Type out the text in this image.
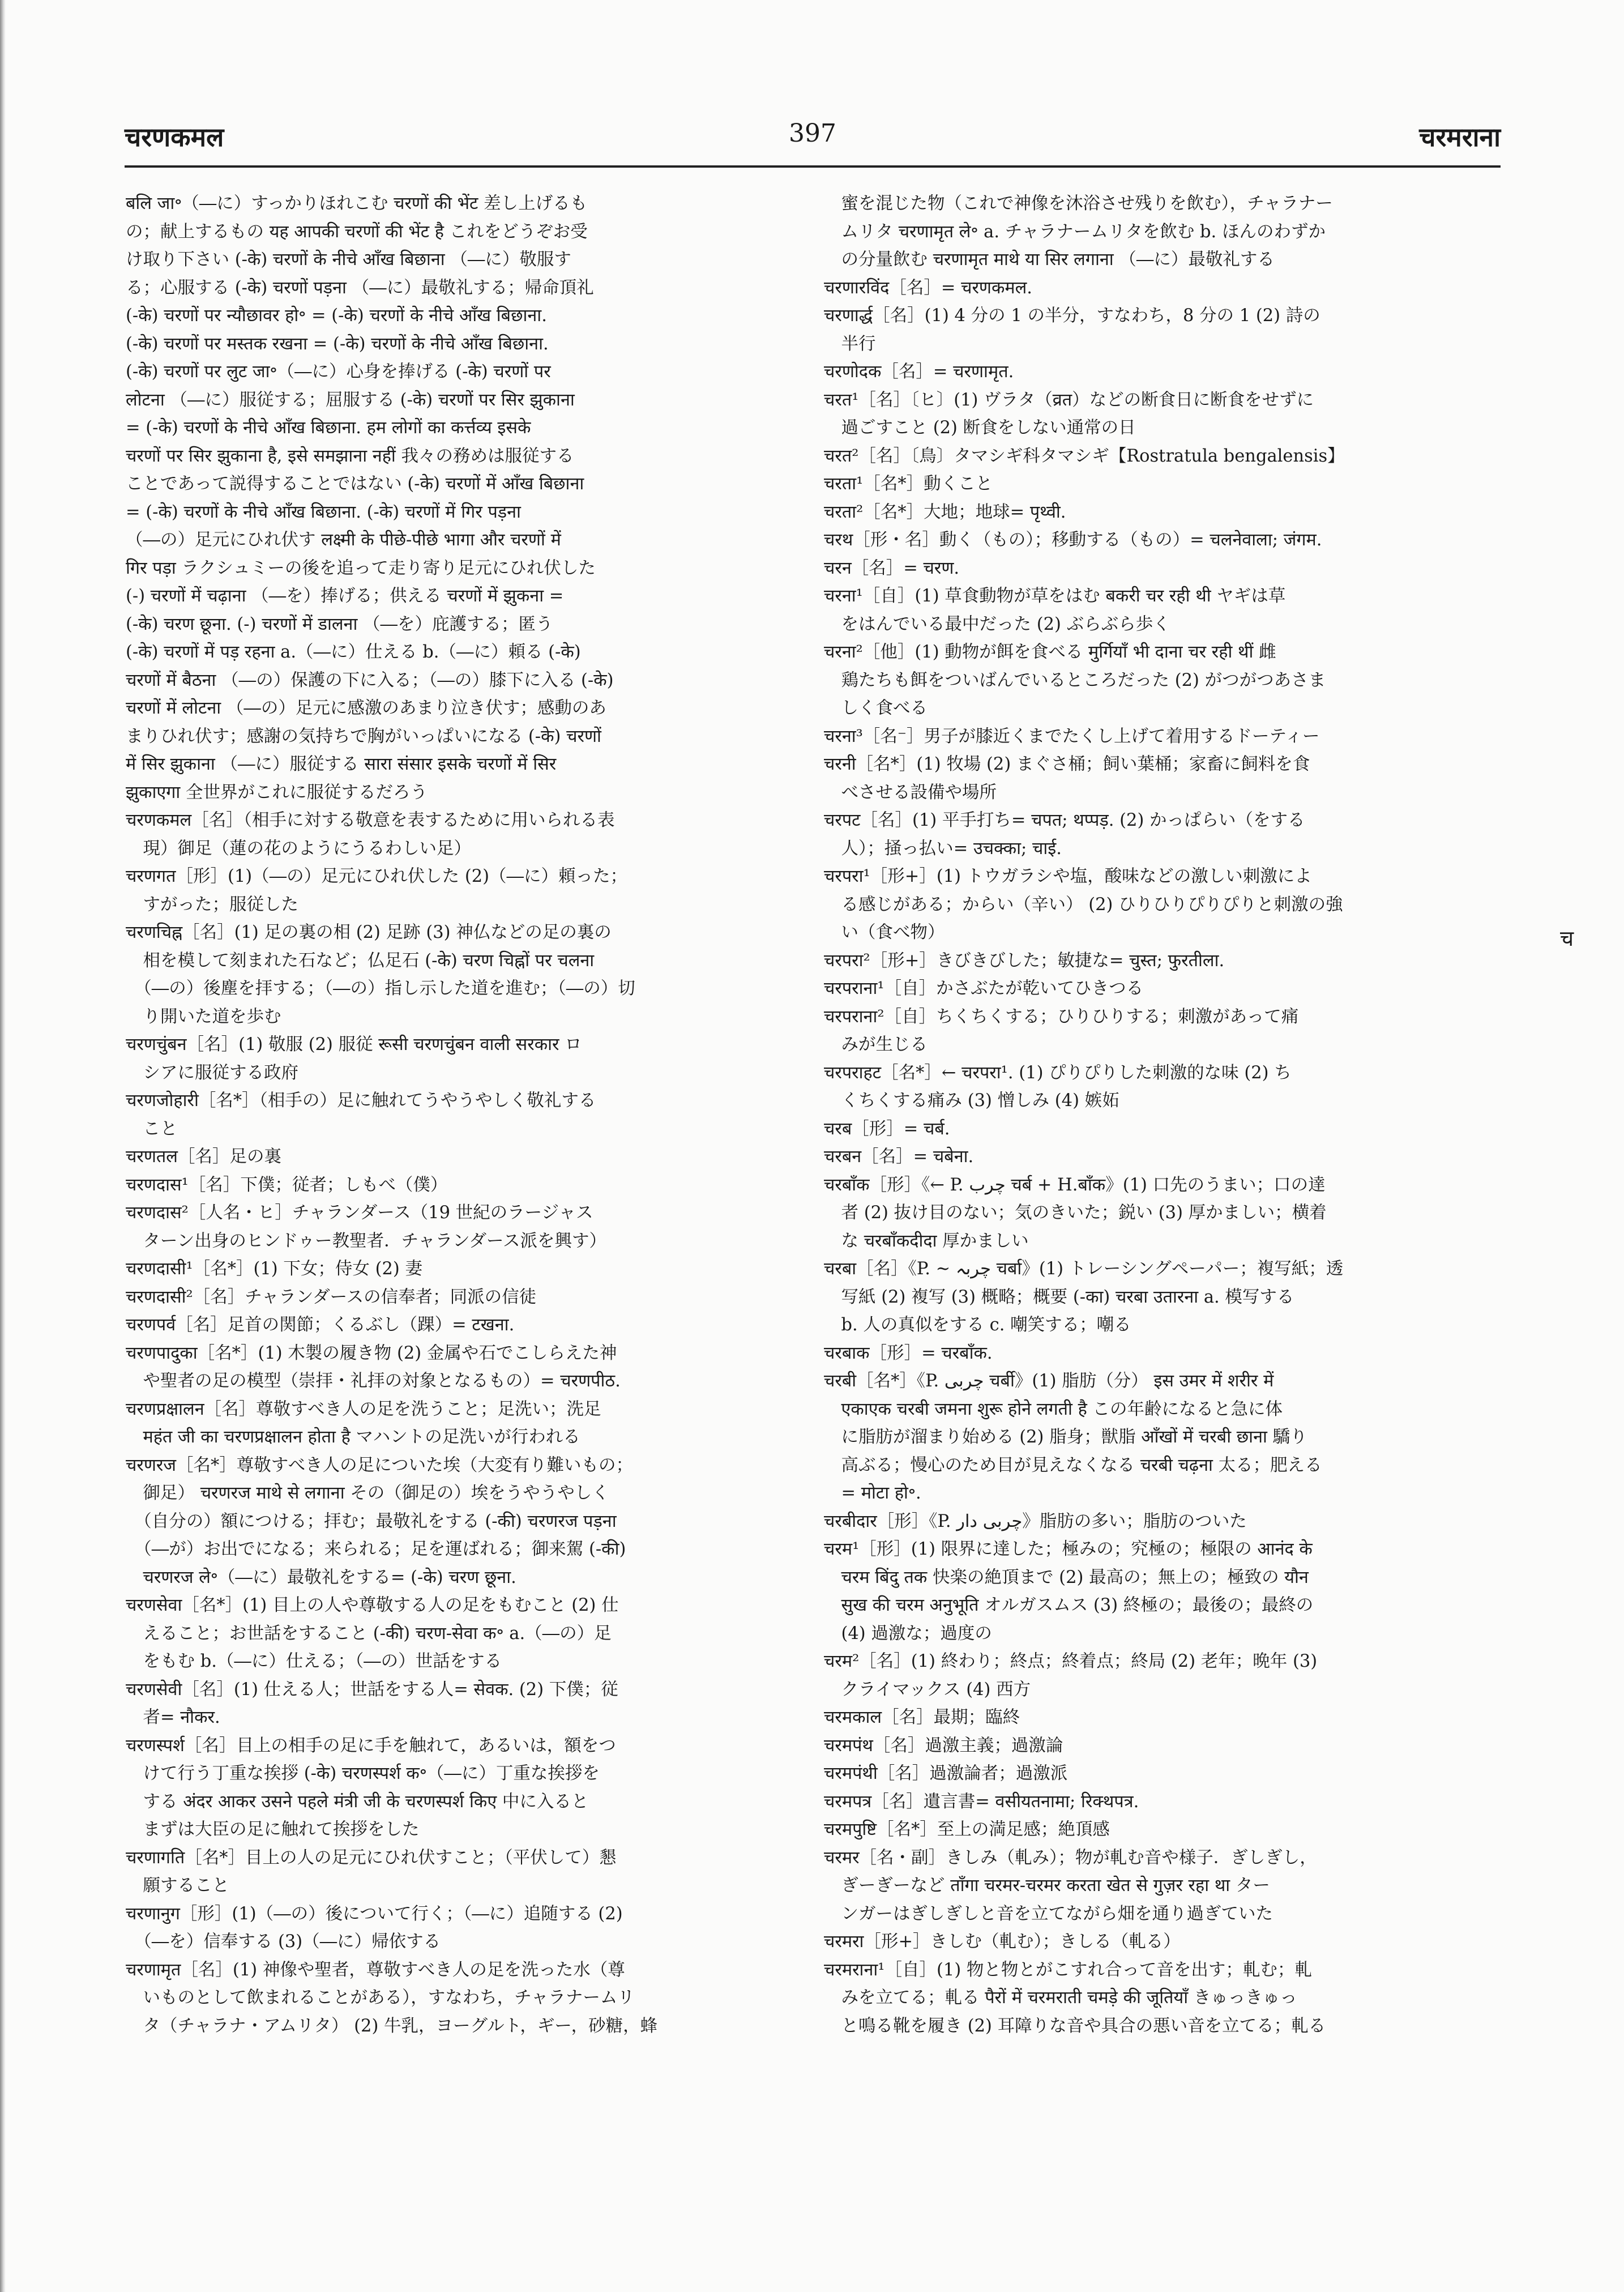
चरणकमल	397	चरमराना
बलि जा॰（―に）すっかりほれこむ चरणों की भेंट 差し上げるも
の；献上するもの यह आपकी चरणों की भेंट है これをどうぞお受
け取り下さい (-के) चरणों के नीचे आँख बिछाना （―に）敬服す
る；心服する (-के) चरणों पड़ना （―に）最敬礼する；帰命頂礼
(-के) चरणों पर न्यौछावर हो॰ = (-के) चरणों के नीचे आँख बिछाना.
(-के) चरणों पर मस्तक रखना = (-के) चरणों के नीचे आँख बिछाना.
(-के) चरणों पर लुट जा॰（―に）心身を捧げる (-के) चरणों पर
लोटना （―に）服従する；屈服する (-के) चरणों पर सिर झुकाना
= (-के) चरणों के नीचे आँख बिछाना. हम लोगों का कर्त्तव्य इसके
चरणों पर सिर झुकाना है, इसे समझाना नहीं 我々の務めは服従する
ことであって説得することではない (-के) चरणों में आँख बिछाना
= (-के) चरणों के नीचे आँख बिछाना. (-के) चरणों में गिर पड़ना
（―の）足元にひれ伏す लक्ष्मी के पीछे-पीछे भागा और चरणों में
गिर पड़ा ラクシュミーの後を追って走り寄り足元にひれ伏した
(-) चरणों में चढ़ाना （―を）捧げる；供える चरणों में झुकना =
(-के) चरण छूना. (-) चरणों में डालना （―を）庇護する；匿う
(-के) चरणों में पड़ रहना a.（―に）仕える b.（―に）頼る (-के)
चरणों में बैठना （―の）保護の下に入る；（―の）膝下に入る (-के)
चरणों में लोटना （―の）足元に感激のあまり泣き伏す；感動のあ
まりひれ伏す；感謝の気持ちで胸がいっぱいになる (-के) चरणों
में सिर झुकाना （―に）服従する सारा संसार इसके चरणों में सिर
झुकाएगा 全世界がこれに服従するだろう
चरणकमल［名］（相手に対する敬意を表するために用いられる表
　現）御足（蓮の花のようにうるわしい足）
चरणगत［形］(1)（―の）足元にひれ伏した (2)（―に）頼った；
　すがった；服従した
चरणचिह्न［名］(1) 足の裏の相 (2) 足跡 (3) 神仏などの足の裏の
　相を模して刻まれた石など；仏足石 (-के) चरण चिह्नों पर चलना
　（―の）後塵を拝する；（―の）指し示した道を進む；（―の）切
　り開いた道を歩む
चरणचुंबन［名］(1) 敬服 (2) 服従 रूसी चरणचुंबन वाली सरकार ロ
　シアに服従する政府
चरणजोहारी［名*］（相手の）足に触れてうやうやしく敬礼する
　こと
चरणतल［名］足の裏
चरणदास¹［名］下僕；従者；しもべ（僕）
चरणदास²［人名・ヒ］チャランダース（19 世紀のラージャス
　ターン出身のヒンドゥー教聖者．チャランダース派を興す）
चरणदासी¹［名*］(1) 下女；侍女 (2) 妻
चरणदासी²［名］チャランダースの信奉者；同派の信徒
चरणपर्व［名］足首の関節；くるぶし（踝）= टखना.
चरणपादुका［名*］(1) 木製の履き物 (2) 金属や石でこしらえた神
　や聖者の足の模型（崇拝・礼拝の対象となるもの）= चरणपीठ.
चरणप्रक्षालन［名］尊敬すべき人の足を洗うこと；足洗い；洗足
　महंत जी का चरणप्रक्षालन होता है マハントの足洗いが行われる
चरणरज［名*］尊敬すべき人の足についた埃（大変有り難いもの；
　御足） चरणरज माथे से लगाना その（御足の）埃をうやうやしく
　（自分の）額につける；拝む；最敬礼をする (-की) चरणरज पड़ना
　（―が）お出でになる；来られる；足を運ばれる；御来駕 (-की)
　चरणरज ले॰（―に）最敬礼をする= (-के) चरण छूना.
चरणसेवा［名*］(1) 目上の人や尊敬する人の足をもむこと (2) 仕
　えること；お世話をすること (-की) चरण-सेवा क॰ a.（―の）足
　をもむ b.（―に）仕える；（―の）世話をする
चरणसेवी［名］(1) 仕える人；世話をする人= सेवक. (2) 下僕；従
　者= नौकर.
चरणस्पर्श［名］目上の相手の足に手を触れて，あるいは，額をつ
　けて行う丁重な挨拶 (-के) चरणस्पर्श क॰（―に）丁重な挨拶を
　する अंदर आकर उसने पहले मंत्री जी के चरणस्पर्श किए 中に入ると
　まずは大臣の足に触れて挨拶をした
चरणागति［名*］目上の人の足元にひれ伏すこと；（平伏して）懇
　願すること
चरणानुग［形］(1)（―の）後について行く；（―に）追随する (2)
　（―を）信奉する (3)（―に）帰依する
चरणामृत［名］(1) 神像や聖者，尊敬すべき人の足を洗った水（尊
　いものとして飲まれることがある），すなわち，チャラナームリ
　タ（チャラナ・アムリタ） (2) 牛乳，ヨーグルト，ギー，砂糖，蜂
　蜜を混じた物（これで神像を沐浴させ残りを飲む），チャラナー
　ムリタ चरणामृत ले॰ a. チャラナームリタを飲む b. ほんのわずか
　の分量飲む चरणामृत माथे या सिर लगाना （―に）最敬礼する
चरणारविंद［名］= चरणकमल.
चरणार्द्ध［名］(1) 4 分の 1 の半分，すなわち，8 分の 1 (2) 詩の
　半行
चरणोदक［名］= चरणामृत.
चरत¹［名］〔ヒ〕(1) ヴラタ（व्रत）などの断食日に断食をせずに
　過ごすこと (2) 断食をしない通常の日
चरत²［名］〔鳥〕タマシギ科タマシギ【Rostratula bengalensis】
चरता¹［名*］動くこと
चरता²［名*］大地；地球= पृथ्वी.
चरथ［形・名］動く（もの）；移動する（もの）= चलनेवाला; जंगम.
चरन［名］= चरण.
चरना¹［自］(1) 草食動物が草をはむ बकरी चर रही थी ヤギは草
　をはんでいる最中だった (2) ぶらぶら歩く
चरना²［他］(1) 動物が餌を食べる मुर्गियाँ भी दाना चर रही थीं 雌
　鶏たちも餌をついばんでいるところだった (2) がつがつあさま
　しく食べる
चरना³［名⁻］男子が膝近くまでたくし上げて着用するドーティー
चरनी［名*］(1) 牧場 (2) まぐさ桶；飼い葉桶；家畜に飼料を食
　べさせる設備や場所
चरपट［名］(1) 平手打ち= चपत; थप्पड़. (2) かっぱらい（をする
　人）；掻っ払い= उचक्का; चाई.
चरपरा¹［形+］(1) トウガラシや塩，酸味などの激しい刺激によ
　る感じがある；からい（辛い） (2) ひりひりぴりぴりと刺激の強
　い（食べ物）
चरपरा²［形+］きびきびした；敏捷な= चुस्त; फुरतीला.
चरपराना¹［自］かさぶたが乾いてひきつる
चरपराना²［自］ちくちくする；ひりひりする；刺激があって痛
　みが生じる
चरपराहट［名*］← चरपरा¹. (1) ぴりぴりした刺激的な味 (2) ち
　くちくする痛み (3) 憎しみ (4) 嫉妬
चरब［形］= चर्ब.
चरबन［名］= चबेना.
चरबाँक［形］《← P. چرب चर्ब + H.बाँक》(1) 口先のうまい；口の達
　者 (2) 抜け目のない；気のきいた；鋭い (3) 厚かましい；横着
　な चरबाँकदीदा 厚かましい
चरबा［名］《P. ~ چربہ चर्बा》(1) トレーシングペーパー；複写紙；透
　写紙 (2) 複写 (3) 概略；概要 (-का) चरबा उतारना a. 模写する
　b. 人の真似をする c. 嘲笑する；嘲る
चरबाक［形］= चरबाँक.
चरबी［名*］《P. چربی चर्बी》(1) 脂肪（分） इस उमर में शरीर में
　एकाएक चरबी जमना शुरू होने लगती है この年齢になると急に体
　に脂肪が溜まり始める (2) 脂身；獣脂 आँखों में चरबी छाना 驕り
　高ぶる；慢心のため目が見えなくなる चरबी चढ़ना 太る；肥える
　= मोटा हो॰.
चरबीदार［形］《P. چربی دار》脂肪の多い；脂肪のついた
चरम¹［形］(1) 限界に達した；極みの；究極の；極限の आनंद के
　चरम बिंदु तक 快楽の絶頂まで (2) 最高の；無上の；極致の यौन
　सुख की चरम अनुभूति オルガスムス (3) 終極の；最後の；最終の
　(4) 過激な；過度の
चरम²［名］(1) 終わり；終点；終着点；終局 (2) 老年；晩年 (3)
　クライマックス (4) 西方
चरमकाल［名］最期；臨終
चरमपंथ［名］過激主義；過激論
चरमपंथी［名］過激論者；過激派
चरमपत्र［名］遺言書= वसीयतनामा; रिक्थपत्र.
चरमपुष्टि［名*］至上の満足感；絶頂感
चरमर［名・副］きしみ（軋み）；物が軋む音や様子．ぎしぎし，
　ぎーぎーなど ताँगा चरमर-चरमर करता खेत से गुज़र रहा था ター
　ンガーはぎしぎしと音を立てながら畑を通り過ぎていた
चरमरा［形+］きしむ（軋む）；きしる（軋る）
चरमराना¹［自］(1) 物と物とがこすれ合って音を出す；軋む；軋
　みを立てる；軋る पैरों में चरमराती चमड़े की जूतियाँ きゅっきゅっ
　と鳴る靴を履き (2) 耳障りな音や具合の悪い音を立てる；軋る
च
